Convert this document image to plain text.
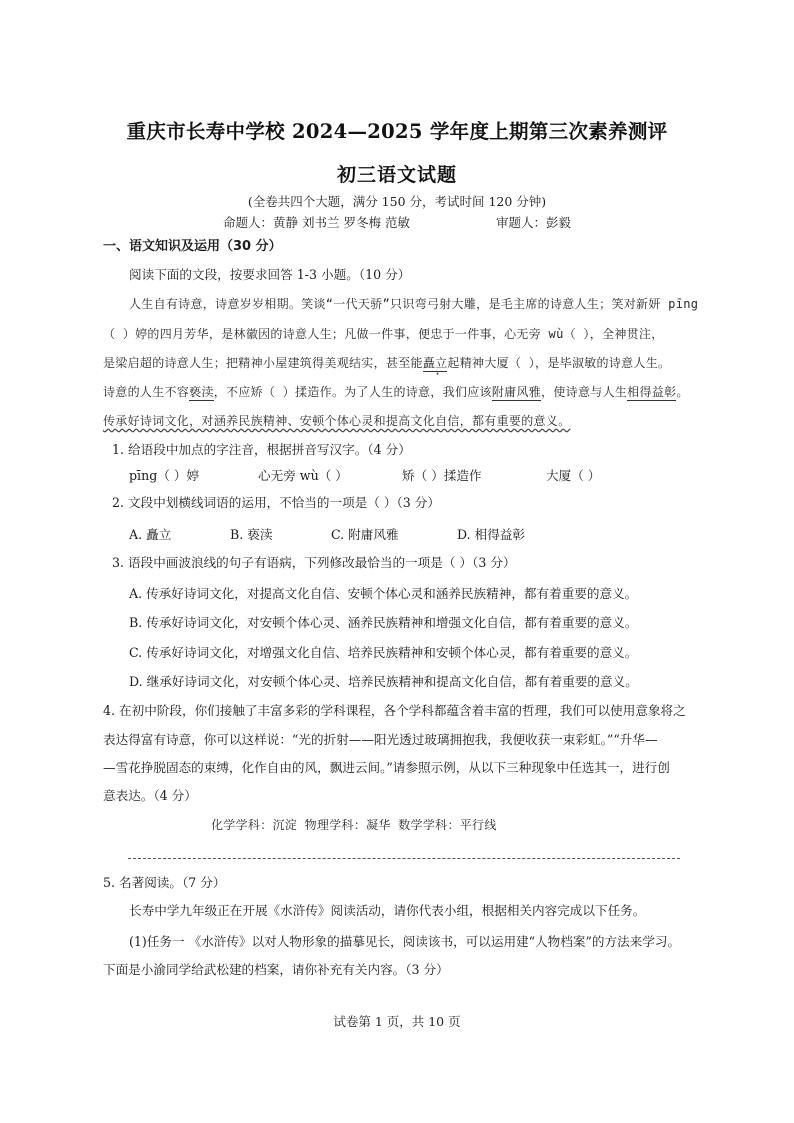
重庆市长寿中学校 2024—2025 学年度上期第三次素养测评
初三语文试题
(全卷共四个大题，满分 150 分，考试时间 120 分钟)
命题人：黄静 刘书兰 罗冬梅 范敏	审题人：彭毅
一、语文知识及运用（30 分）
阅读下面的文段，按要求回答 1-3 小题。（10 分）
人生自有诗意，诗意岁岁相期。笑谈“一代天骄”只识弯弓射大雕，是毛主席的诗意人生；笑对新妍 pīng
（ ）婷的四月芳华，是林徽因的诗意人生；凡做一件事，便忠于一件事，心无旁 wù（ ），全神贯注，
是梁启超的诗意人生；把精神小屋建筑得美观结实，甚至能矗立起精神大厦（ ），是毕淑敏的诗意人生。
诗意的人生不容亵渎，不应矫（ ）揉造作。为了人生的诗意，我们应该附庸风雅，使诗意与人生相得益彰。
传承好诗词文化，对涵养民族精神、安顿个体心灵和提高文化自信，都有重要的意义。
1. 给语段中加点的字注音，根据拼音写汉字。（4 分）
pīng（ ）婷	心无旁 wù（ ）	矫（ ）揉造作	大厦（ ）
2. 文段中划横线词语的运用，不恰当的一项是（ ）（3 分）
A. 矗立	B. 亵渎	C. 附庸风雅	D. 相得益彰
3. 语段中画波浪线的句子有语病，下列修改最恰当的一项是（ ）（3 分）
A. 传承好诗词文化，对提高文化自信、安顿个体心灵和涵养民族精神，都有着重要的意义。
B. 传承好诗词文化，对安顿个体心灵、涵养民族精神和增强文化自信，都有着重要的意义。
C. 传承好诗词文化，对增强文化自信、培养民族精神和安顿个体心灵，都有着重要的意义。
D. 继承好诗词文化，对安顿个体心灵、培养民族精神和提高文化自信，都有着重要的意义。
4. 在初中阶段，你们接触了丰富多彩的学科课程，各个学科都蕴含着丰富的哲理，我们可以使用意象将之
表达得富有诗意，你可以这样说：“光的折射——阳光透过玻璃拥抱我，我便收获一束彩虹。”“升华—
—雪花挣脱固态的束缚，化作自由的风，飘进云间。”请参照示例，从以下三种现象中任选其一，进行创
意表达。（4 分）
化学学科：沉淀 物理学科：凝华 数学学科：平行线
5. 名著阅读。（7 分）
长寿中学九年级正在开展《水浒传》阅读活动，请你代表小组，根据相关内容完成以下任务。
(1)任务一 《水浒传》以对人物形象的描摹见长，阅读该书，可以运用建“人物档案”的方法来学习。
下面是小渝同学给武松建的档案，请你补充有关内容。（3 分）
试卷第 1 页，共 10 页
